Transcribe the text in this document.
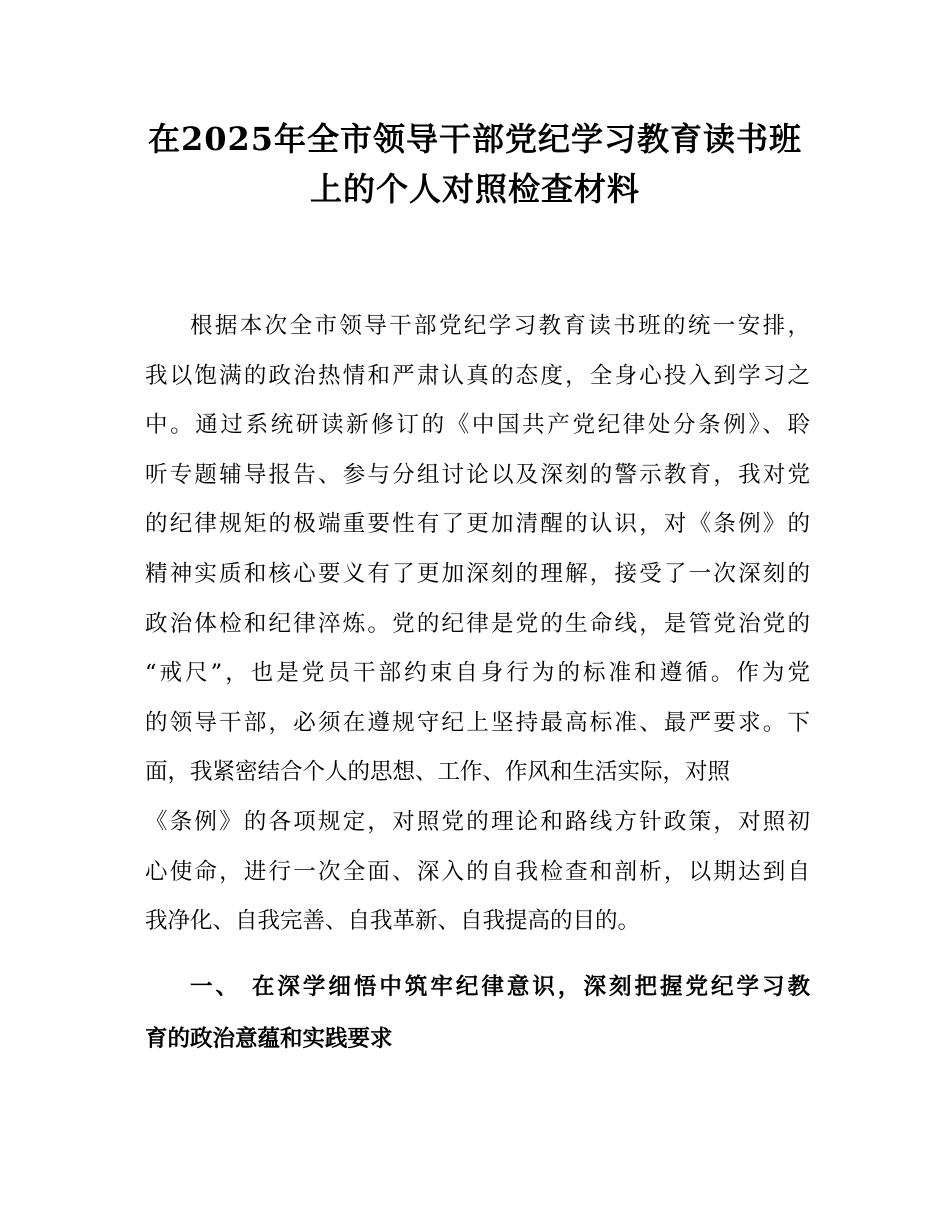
在2025年全市领导干部党纪学习教育读书班
上的个人对照检查材料
根据本次全市领导干部党纪学习教育读书班的统一安排，
我以饱满的政治热情和严肃认真的态度，全身心投入到学习之
中。通过系统研读新修订的《中国共产党纪律处分条例》、聆
听专题辅导报告、参与分组讨论以及深刻的警示教育，我对党
的纪律规矩的极端重要性有了更加清醒的认识，对《条例》的
精神实质和核心要义有了更加深刻的理解，接受了一次深刻的
政治体检和纪律淬炼。党的纪律是党的生命线，是管党治党的
“戒尺”，也是党员干部约束自身行为的标准和遵循。作为党
的领导干部，必须在遵规守纪上坚持最高标准、最严要求。下
面，我紧密结合个人的思想、工作、作风和生活实际，对照
《条例》的各项规定，对照党的理论和路线方针政策，对照初
心使命，进行一次全面、深入的自我检查和剖析，以期达到自
我净化、自我完善、自我革新、自我提高的目的。
一、 在深学细悟中筑牢纪律意识，深刻把握党纪学习教
育的政治意蕴和实践要求
